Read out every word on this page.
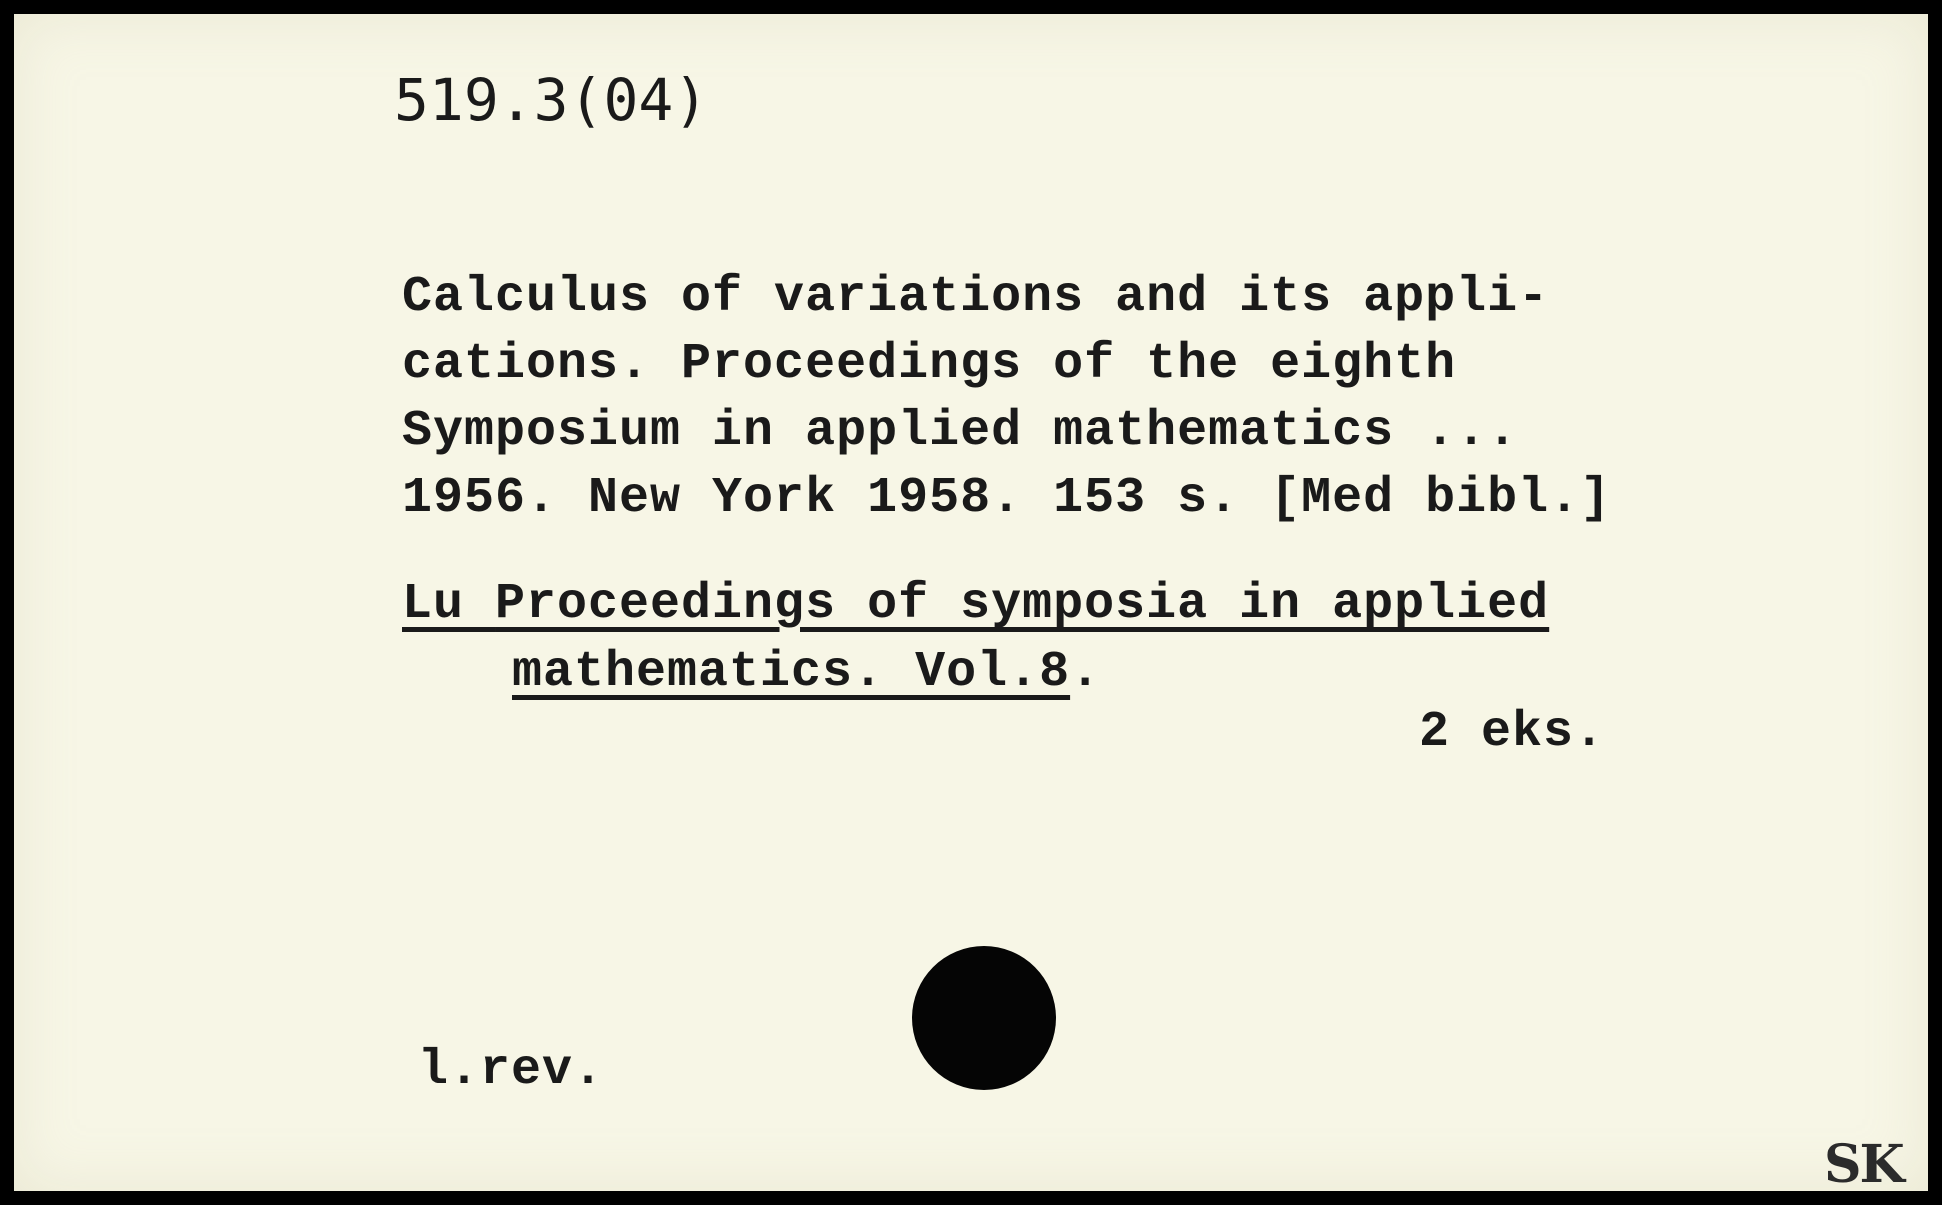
519.3(04)
Calculus of variations and its appli-
cations. Proceedings of the eighth
Symposium in applied mathematics ...
1956. New York 1958. 153 s. [Med bibl.]
Lu Proceedings of symposia in applied
mathematics. Vol.8.
2 eks.
l.rev.
SK
